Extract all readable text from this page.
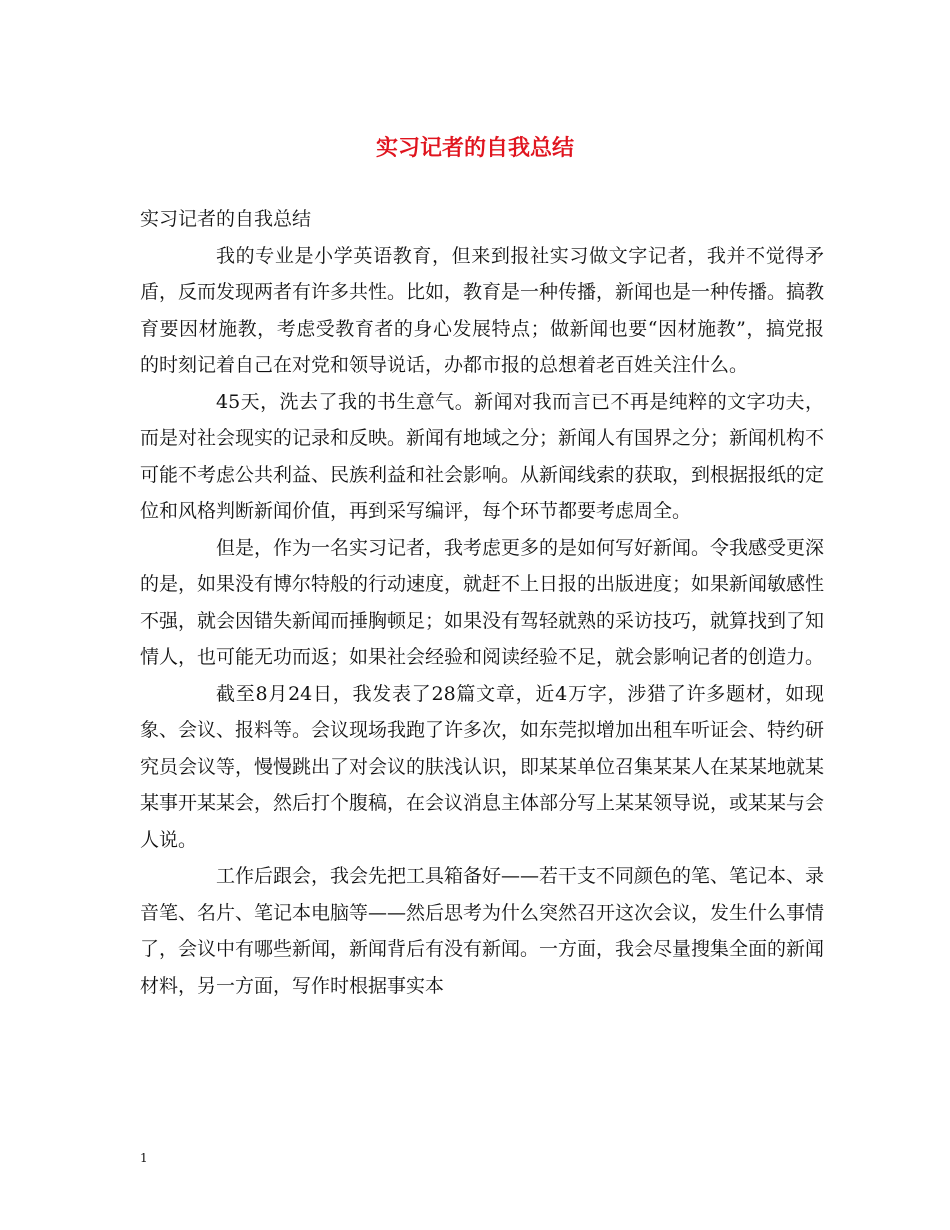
实习记者的自我总结

实习记者的自我总结

我的专业是小学英语教育，但来到报社实习做文字记者，我并不觉得矛盾，反而发现两者有许多共性。比如，教育是一种传播，新闻也是一种传播。搞教育要因材施教，考虑受教育者的身心发展特点；做新闻也要“因材施教”，搞党报的时刻记着自己在对党和领导说话，办都市报的总想着老百姓关注什么。

45天，洗去了我的书生意气。新闻对我而言已不再是纯粹的文字功夫，而是对社会现实的记录和反映。新闻有地域之分；新闻人有国界之分；新闻机构不可能不考虑公共利益、民族利益和社会影响。从新闻线索的获取，到根据报纸的定位和风格判断新闻价值，再到采写编评，每个环节都要考虑周全。

但是，作为一名实习记者，我考虑更多的是如何写好新闻。令我感受更深的是，如果没有博尔特般的行动速度，就赶不上日报的出版进度；如果新闻敏感性不强，就会因错失新闻而捶胸顿足；如果没有驾轻就熟的采访技巧，就算找到了知情人，也可能无功而返；如果社会经验和阅读经验不足，就会影响记者的创造力。

截至8月24日，我发表了28篇文章，近4万字，涉猎了许多题材，如现象、会议、报料等。会议现场我跑了许多次，如东莞拟增加出租车听证会、特约研究员会议等，慢慢跳出了对会议的肤浅认识，即某某单位召集某某人在某某地就某某事开某某会，然后打个腹稿，在会议消息主体部分写上某某领导说，或某某与会人说。

工作后跟会，我会先把工具箱备好——若干支不同颜色的笔、笔记本、录音笔、名片、笔记本电脑等——然后思考为什么突然召开这次会议，发生什么事情了，会议中有哪些新闻，新闻背后有没有新闻。一方面，我会尽量搜集全面的新闻材料，另一方面，写作时根据事实本

1
